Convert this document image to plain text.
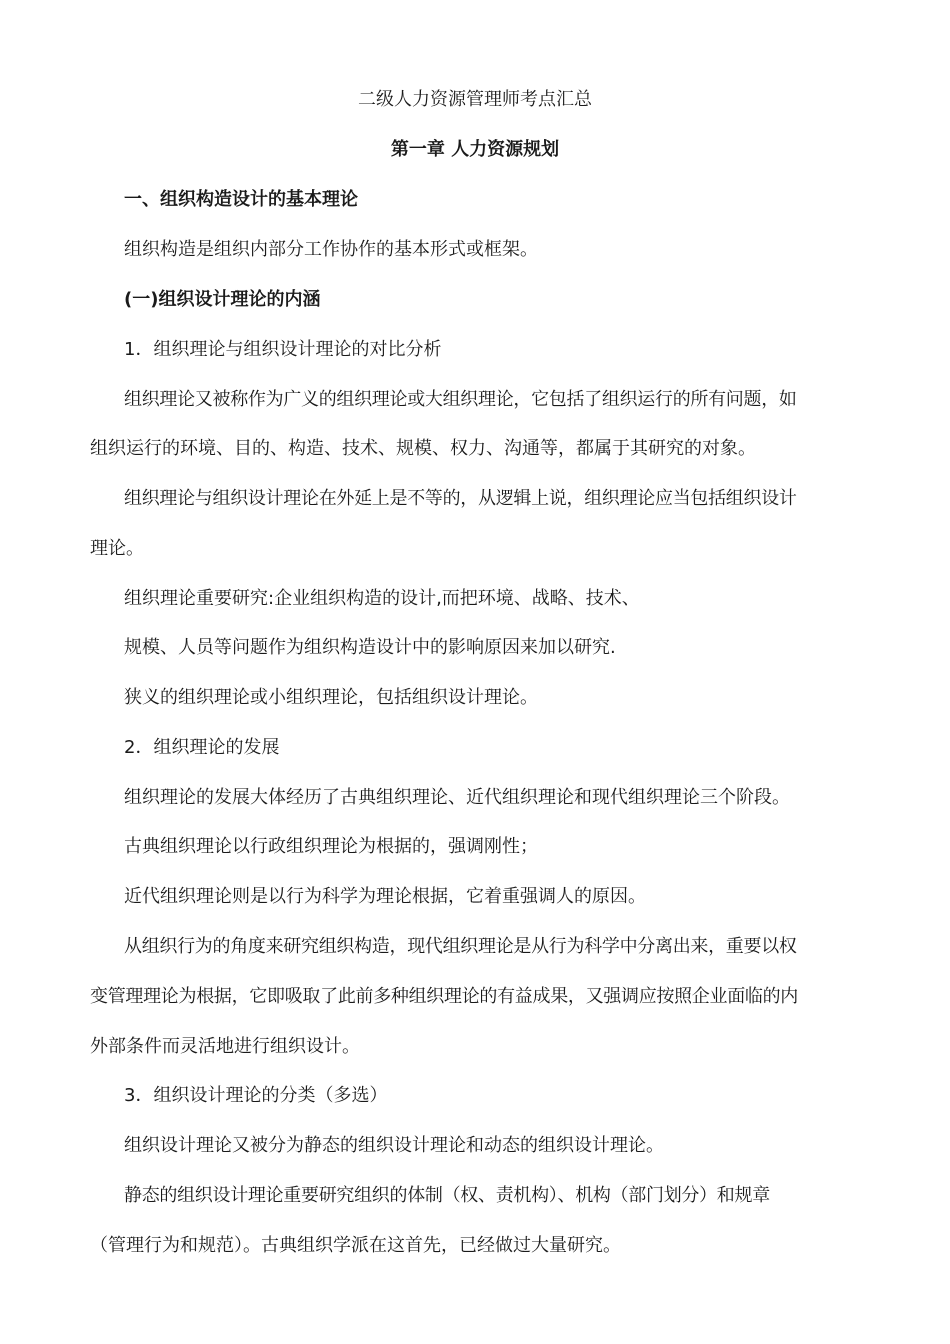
二级人力资源管理师考点汇总
第一章 人力资源规划
一、组织构造设计的基本理论
组织构造是组织内部分工作协作的基本形式或框架。
(一)组织设计理论的内涵
1．组织理论与组织设计理论的对比分析
组织理论又被称作为广义的组织理论或大组织理论，它包括了组织运行的所有问题，如
组织运行的环境、目的、构造、技术、规模、权力、沟通等，都属于其研究的对象。
组织理论与组织设计理论在外延上是不等的，从逻辑上说，组织理论应当包括组织设计
理论。
组织理论重要研究:企业组织构造的设计,而把环境、战略、技术、
规模、人员等问题作为组织构造设计中的影响原因来加以研究.
狭义的组织理论或小组织理论，包括组织设计理论。
2．组织理论的发展
组织理论的发展大体经历了古典组织理论、近代组织理论和现代组织理论三个阶段。
古典组织理论以行政组织理论为根据的，强调刚性；
近代组织理论则是以行为科学为理论根据，它着重强调人的原因。
从组织行为的角度来研究组织构造，现代组织理论是从行为科学中分离出来，重要以权
变管理理论为根据，它即吸取了此前多种组织理论的有益成果，又强调应按照企业面临的内
外部条件而灵活地进行组织设计。
3．组织设计理论的分类（多选）
组织设计理论又被分为静态的组织设计理论和动态的组织设计理论。
静态的组织设计理论重要研究组织的体制（权、责机构）、机构（部门划分）和规章
（管理行为和规范）。古典组织学派在这首先，已经做过大量研究。
